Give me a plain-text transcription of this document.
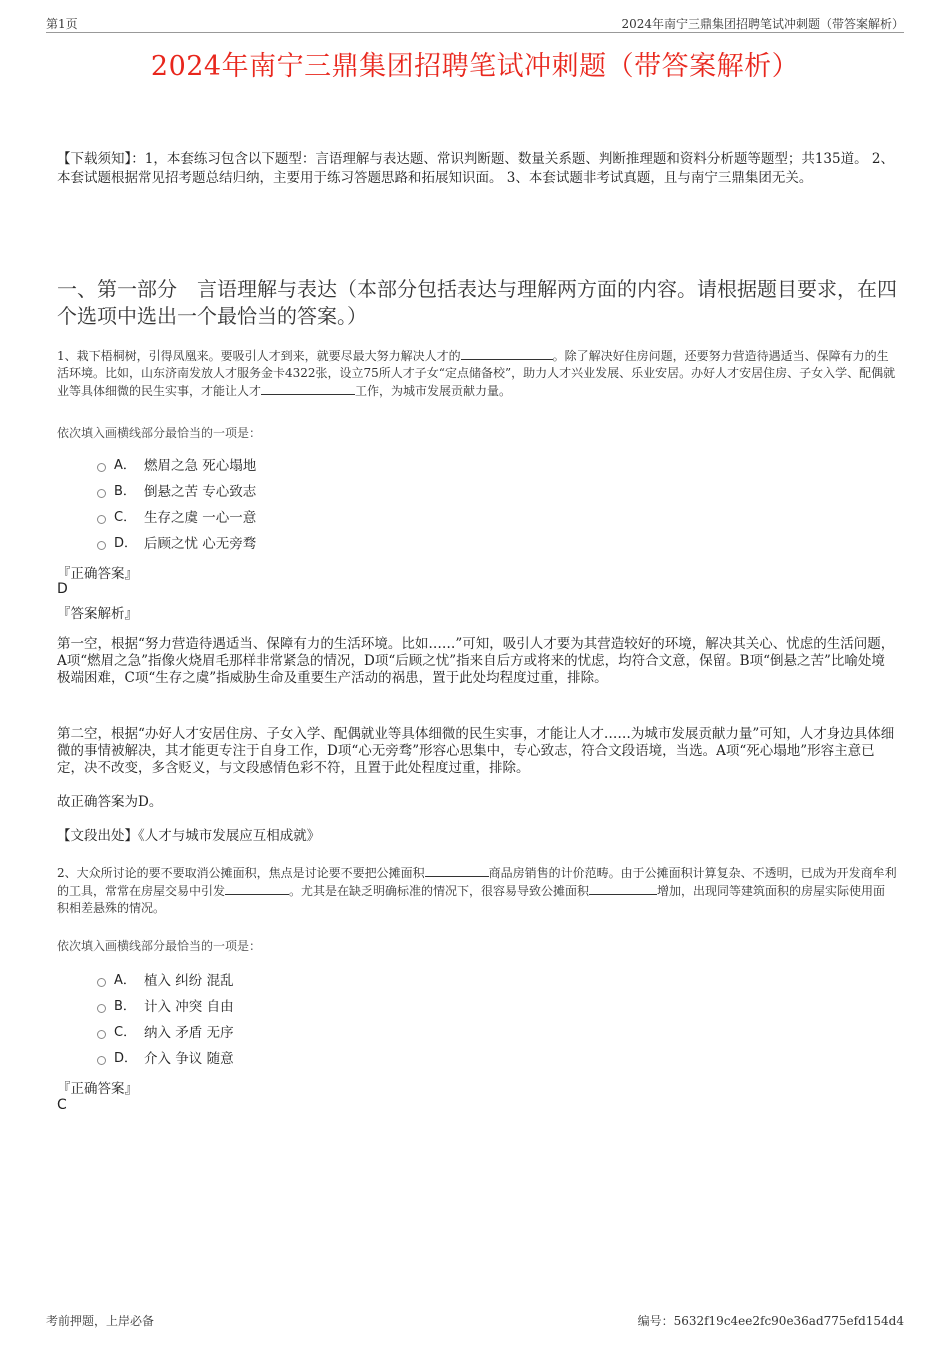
第1页	2024年南宁三鼎集团招聘笔试冲刺题（带答案解析）
2024年南宁三鼎集团招聘笔试冲刺题（带答案解析）
【下载须知】：1，本套练习包含以下题型：言语理解与表达题、常识判断题、数量关系题、判断推理题和资料分析题等题型；共135道。 2、本套试题根据常见招考题总结归纳，主要用于练习答题思路和拓展知识面。 3、本套试题非考试真题，且与南宁三鼎集团无关。
一、第一部分　言语理解与表达（本部分包括表达与理解两方面的内容。请根据题目要求，在四个选项中选出一个最恰当的答案。）
1、栽下梧桐树，引得凤凰来。要吸引人才到来，就要尽最大努力解决人才的	。除了解决好住房问题，还要努力营造待遇适当、保障有力的生活环境。比如，山东济南发放人才服务金卡4322张，设立75所人才子女“定点储备校”，助力人才兴业发展、乐业安居。办好人才安居住房、子女入学、配偶就业等具体细微的民生实事，才能让人才	工作，为城市发展贡献力量。
依次填入画横线部分最恰当的一项是：
A． 燃眉之急 死心塌地
B． 倒悬之苦 专心致志
C． 生存之虞 一心一意
D． 后顾之忧 心无旁骛
『正确答案』
D
『答案解析』
第一空，根据“努力营造待遇适当、保障有力的生活环境。比如……”可知，吸引人才要为其营造较好的环境，解决其关心、忧虑的生活问题，A项“燃眉之急”指像火烧眉毛那样非常紧急的情况，D项“后顾之忧”指来自后方或将来的忧虑，均符合文意，保留。B项“倒悬之苦”比喻处境极端困难，C项“生存之虞”指威胁生命及重要生产活动的祸患，置于此处均程度过重，排除。
第二空，根据“办好人才安居住房、子女入学、配偶就业等具体细微的民生实事，才能让人才……为城市发展贡献力量”可知，人才身边具体细微的事情被解决，其才能更专注于自身工作，D项“心无旁骛”形容心思集中，专心致志，符合文段语境，当选。A项“死心塌地”形容主意已定，决不改变，多含贬义，与文段感情色彩不符，且置于此处程度过重，排除。
故正确答案为D。
【文段出处】《人才与城市发展应互相成就》
2、大众所讨论的要不要取消公摊面积，焦点是讨论要不要把公摊面积	商品房销售的计价范畴。由于公摊面积计算复杂、不透明，已成为开发商牟利的工具，常常在房屋交易中引发	。尤其是在缺乏明确标准的情况下，很容易导致公摊面积	增加，出现同等建筑面积的房屋实际使用面积相差悬殊的情况。
依次填入画横线部分最恰当的一项是：
A． 植入 纠纷 混乱
B． 计入 冲突 自由
C． 纳入 矛盾 无序
D． 介入 争议 随意
『正确答案』
C
考前押题，上岸必备	编号：5632f19c4ee2fc90e36ad775efd154d4
